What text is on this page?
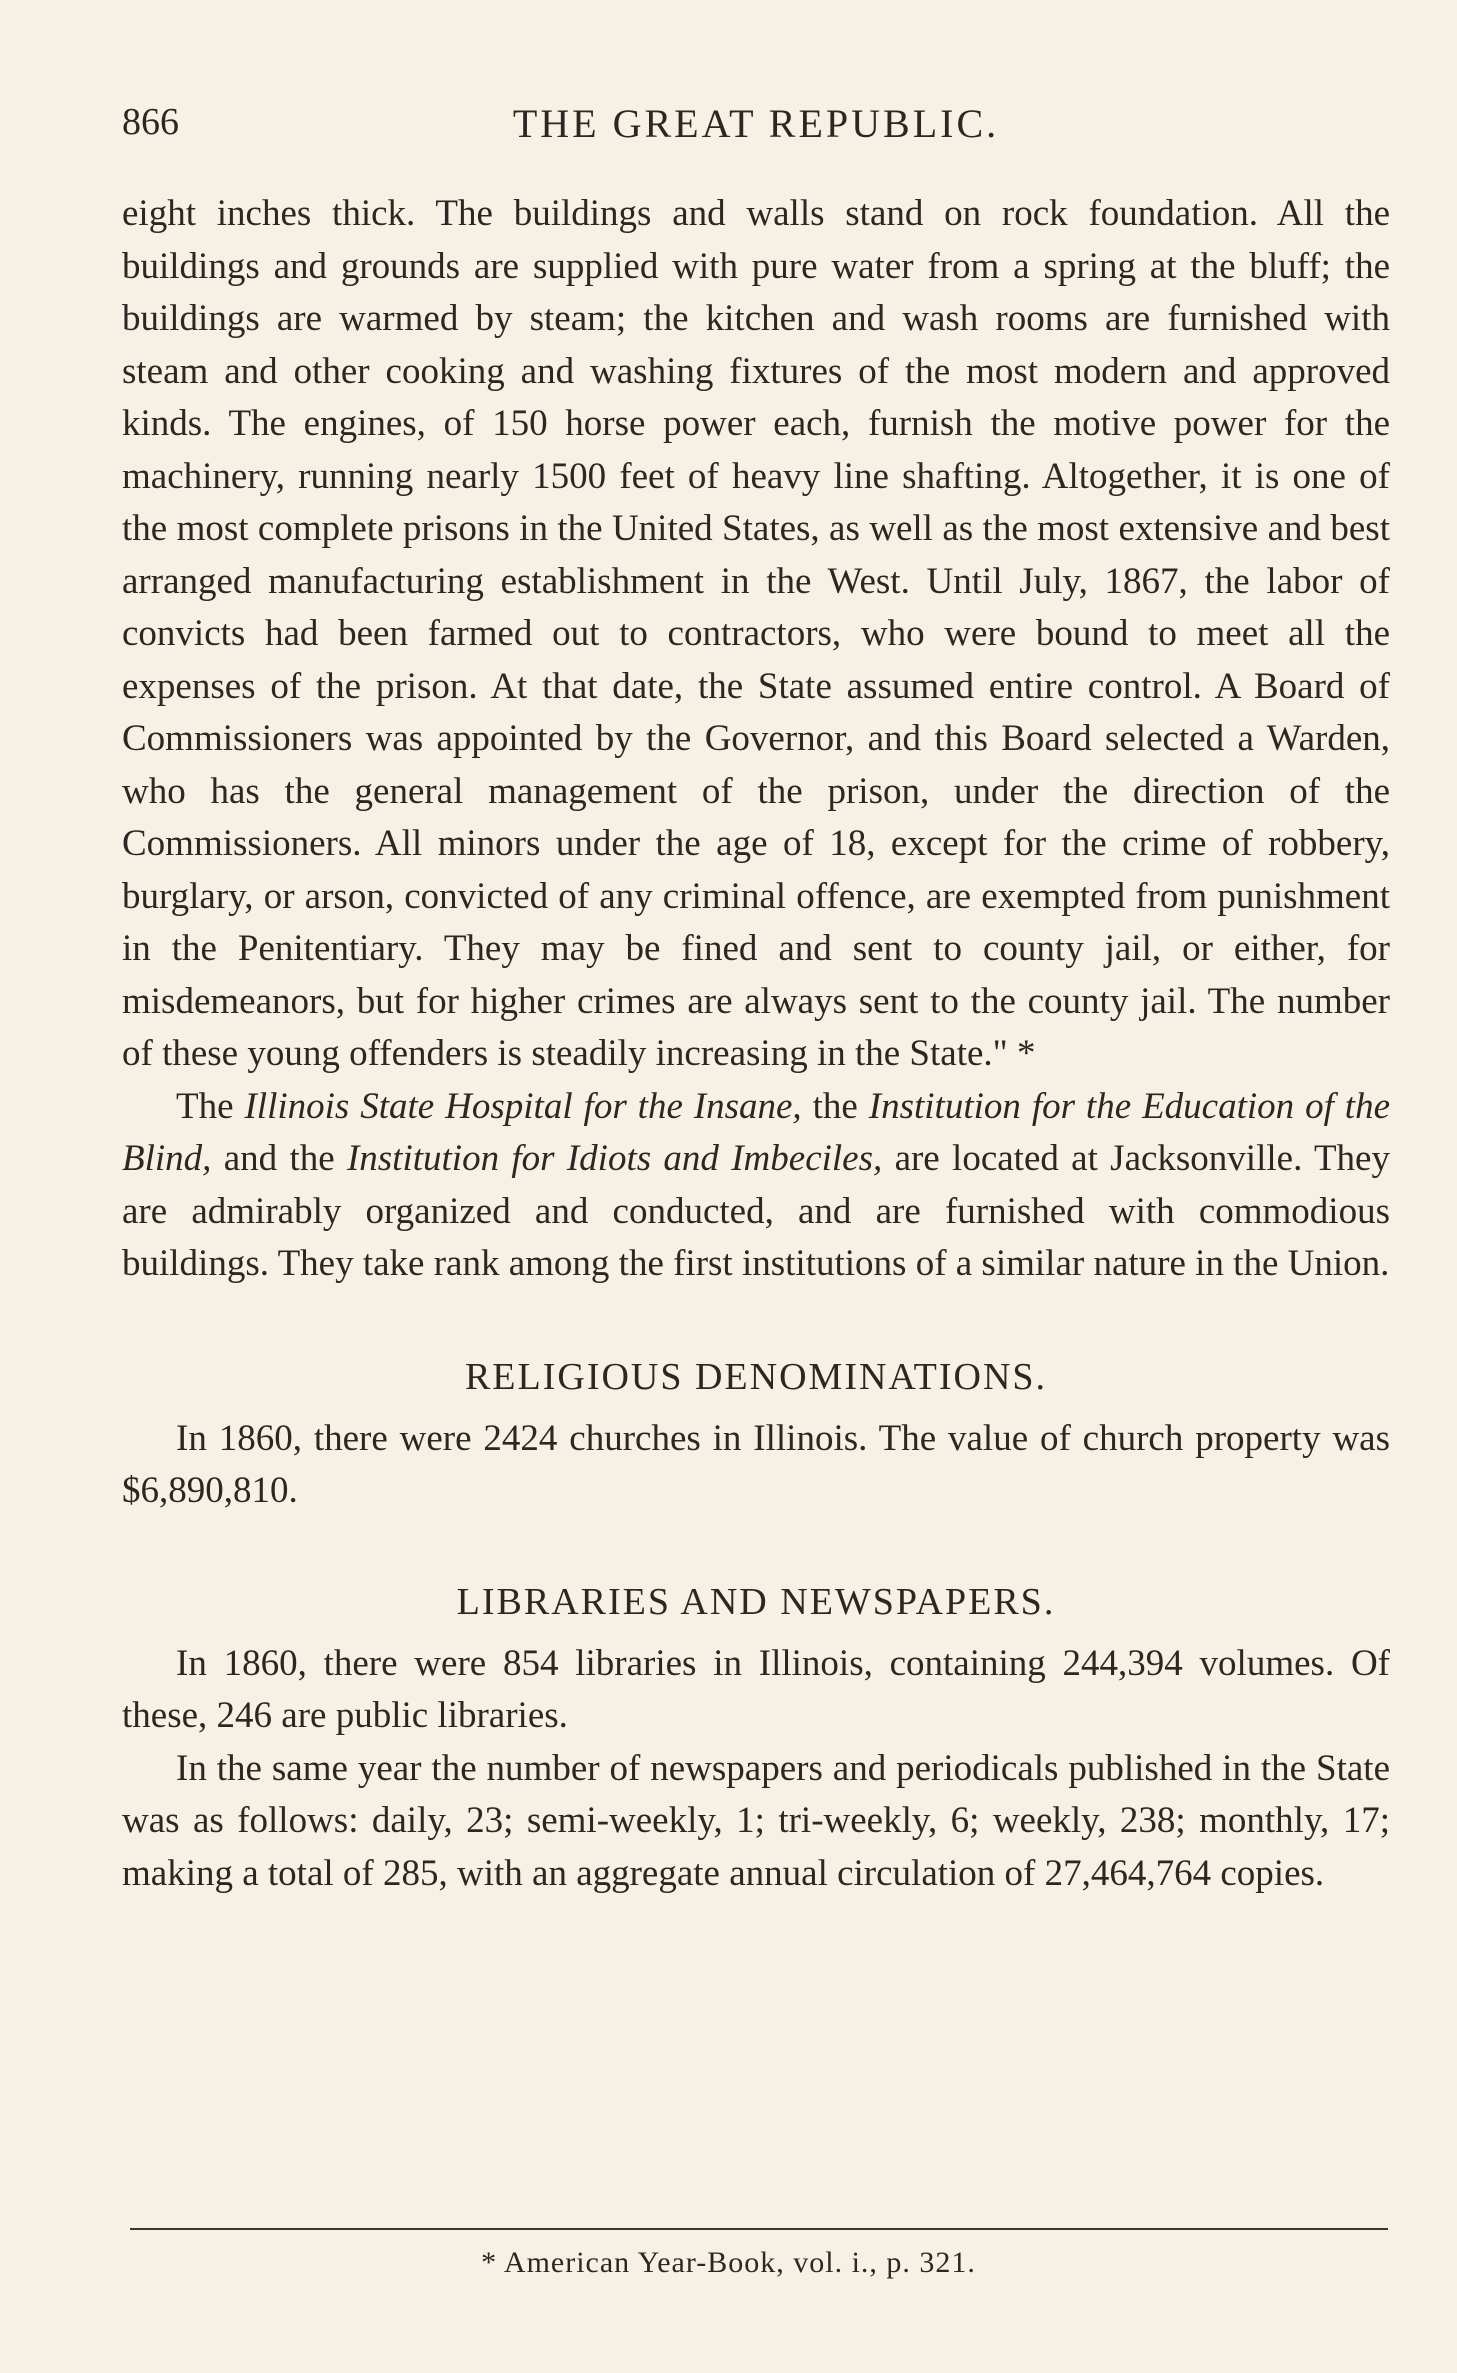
866	THE GREAT REPUBLIC.

eight inches thick. The buildings and walls stand on rock foundation. All the buildings and grounds are supplied with pure water from a spring at the bluff; the buildings are warmed by steam; the kitchen and wash rooms are furnished with steam and other cooking and washing fixtures of the most modern and approved kinds. The engines, of 150 horse power each, furnish the motive power for the machinery, running nearly 1500 feet of heavy line shafting. Altogether, it is one of the most complete prisons in the United States, as well as the most extensive and best arranged manufacturing establishment in the West. Until July, 1867, the labor of convicts had been farmed out to contractors, who were bound to meet all the expenses of the prison. At that date, the State assumed entire control. A Board of Commissioners was appointed by the Governor, and this Board selected a Warden, who has the general management of the prison, under the direction of the Commissioners. All minors under the age of 18, except for the crime of robbery, burglary, or arson, convicted of any criminal offence, are exempted from punishment in the Penitentiary. They may be fined and sent to county jail, or either, for misdemeanors, but for higher crimes are always sent to the county jail. The number of these young offenders is steadily increasing in the State." *

The Illinois State Hospital for the Insane, the Institution for the Education of the Blind, and the Institution for Idiots and Imbeciles, are located at Jacksonville. They are admirably organized and conducted, and are furnished with commodious buildings. They take rank among the first institutions of a similar nature in the Union.

RELIGIOUS DENOMINATIONS.

In 1860, there were 2424 churches in Illinois. The value of church property was $6,890,810.

LIBRARIES AND NEWSPAPERS.

In 1860, there were 854 libraries in Illinois, containing 244,394 volumes. Of these, 246 are public libraries.

In the same year the number of newspapers and periodicals published in the State was as follows: daily, 23; semi-weekly, 1; tri-weekly, 6; weekly, 238; monthly, 17; making a total of 285, with an aggregate annual circulation of 27,464,764 copies.

* American Year-Book, vol. i., p. 321.
